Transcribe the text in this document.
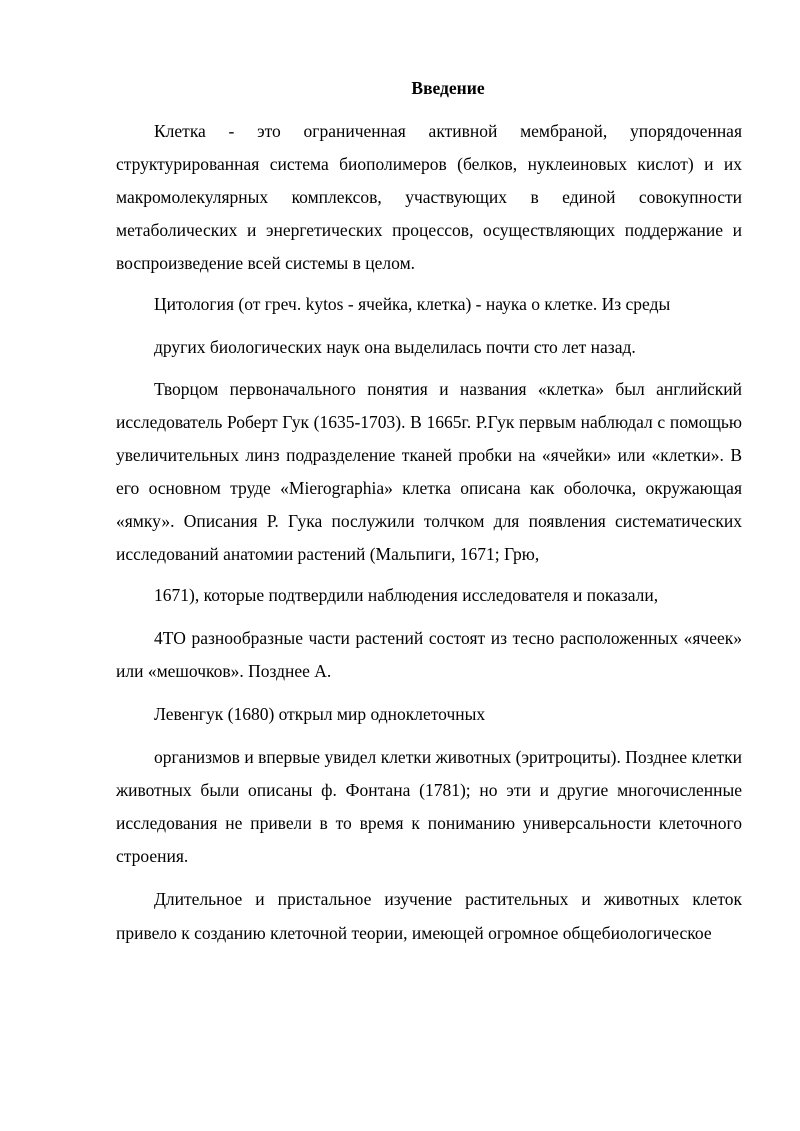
Введение

Клетка - это ограниченная активной мембраной, упорядоченная структурированная система биополимеров (белков, нуклеиновых кислот) и их макромолекулярных комплексов, участвующих в единой совокупности метаболических и энергетических процессов, осуществляющих поддержание и воспроизведение всей системы в целом.

Цитология (от греч. kytos - ячейка, клетка) - наука о клетке. Из среды

других биологических наук она выделилась почти сто лет назад.

Творцом первоначального понятия и названия «клетка» был английский исследователь Роберт Гук (1635-1703). В 1665г. Р.Гук первым наблюдал с помощью увеличительных линз подразделение тканей пробки на «ячейки» или «клетки». В его основном труде «Mierographia» клетка описана как оболочка, окружающая «ямку». Описания Р. Гука послужили толчком для появления систематических исследований анатомии растений (Мальпиги, 1671; Грю,

1671), которые подтвердили наблюдения исследователя и показали,

4ТО разнообразные части растений состоят из тесно расположенных «ячеек» или «мешочков». Позднее А.

Левенгук (1680) открыл мир одноклеточных

организмов и впервые увидел клетки животных (эритроциты). Позднее клетки животных были описаны ф. Фонтана (1781); но эти и другие многочисленные исследования не привели в то время к пониманию универсальности клеточного строения.

Длительное и пристальное изучение растительных и животных клеток привело к созданию клеточной теории, имеющей огромное общебиологическое
